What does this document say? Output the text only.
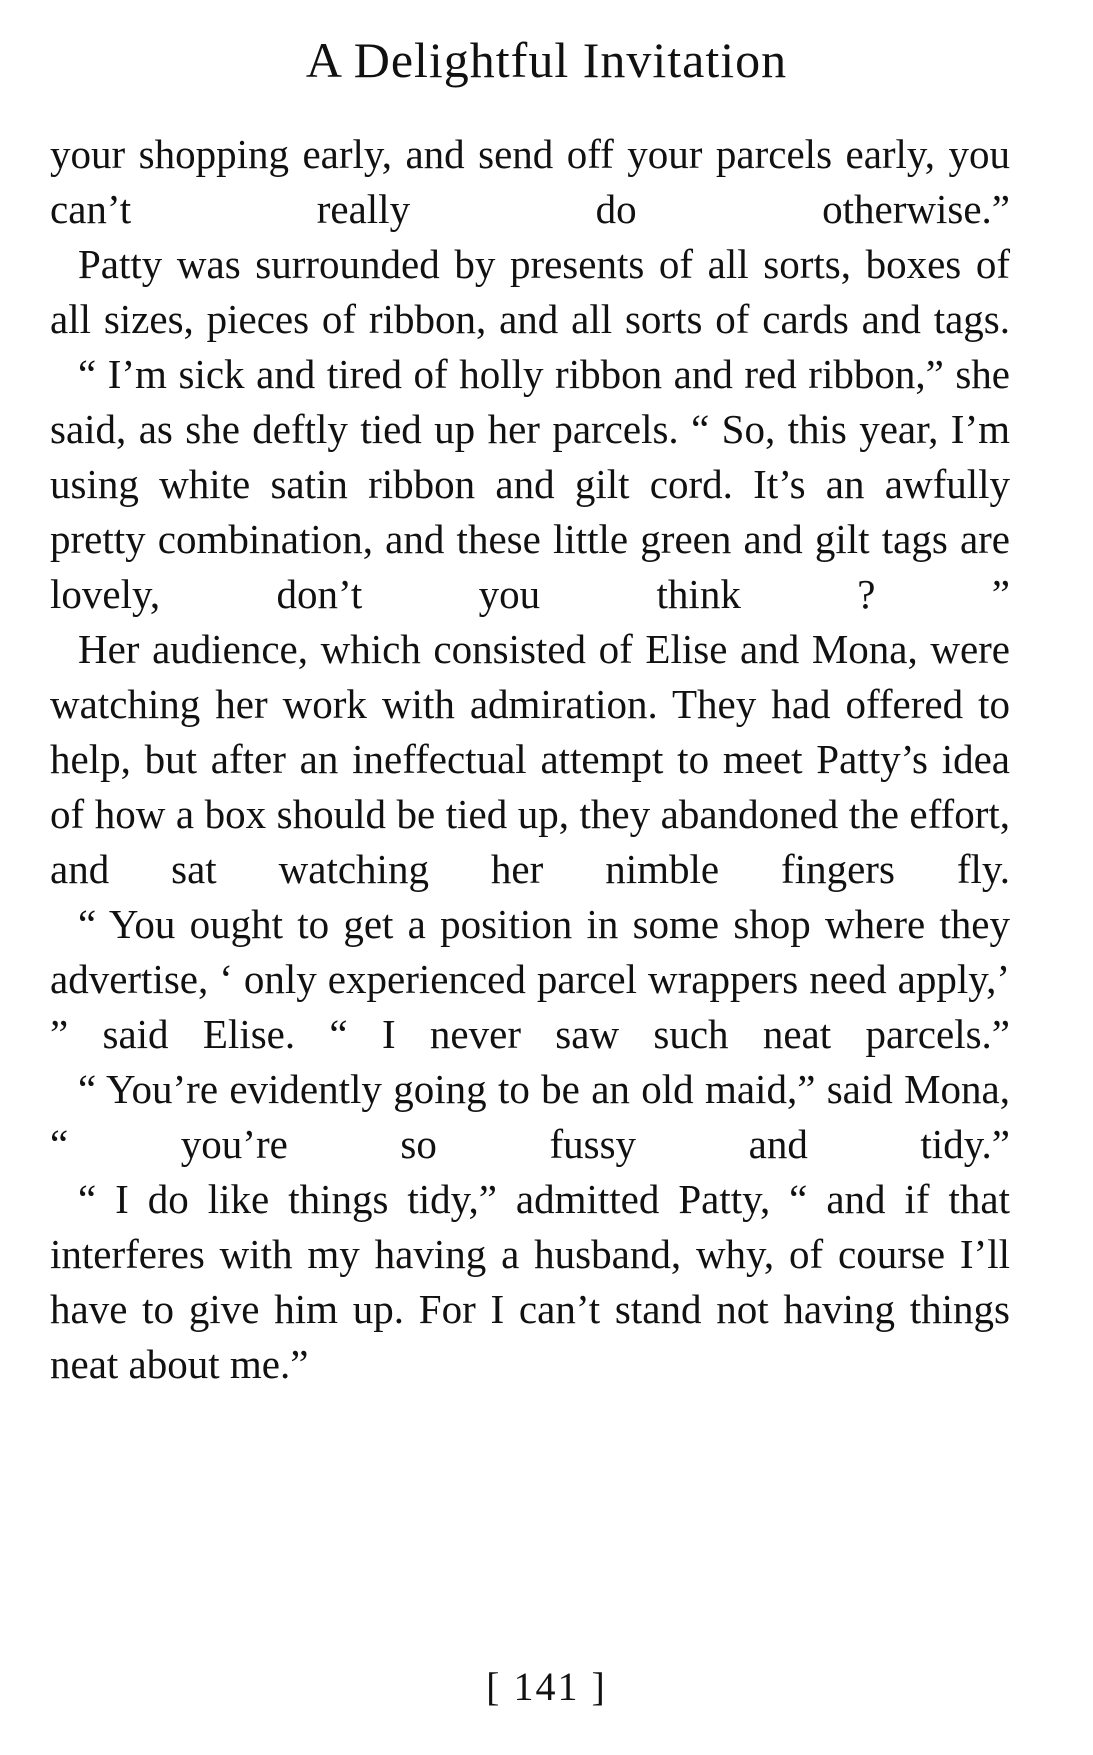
A Delightful Invitation

your shopping early, and send off your parcels early, you can’t really do otherwise.”

Patty was surrounded by presents of all sorts, boxes of all sizes, pieces of ribbon, and all sorts of cards and tags.

“ I’m sick and tired of holly ribbon and red ribbon,” she said, as she deftly tied up her parcels. “ So, this year, I’m using white satin ribbon and gilt cord. It’s an awfully pretty combination, and these little green and gilt tags are lovely, don’t you think ? ”

Her audience, which consisted of Elise and Mona, were watching her work with admiration. They had offered to help, but after an ineffectual attempt to meet Patty’s idea of how a box should be tied up, they abandoned the effort, and sat watching her nimble fingers fly.

“ You ought to get a position in some shop where they advertise, ‘ only experienced parcel wrappers need apply,’ ” said Elise. “ I never saw such neat parcels.”

“ You’re evidently going to be an old maid,” said Mona, “ you’re so fussy and tidy.”

“ I do like things tidy,” admitted Patty, “ and if that interferes with my having a husband, why, of course I’ll have to give him up. For I can’t stand not having things neat about me.”

[ 141 ]
